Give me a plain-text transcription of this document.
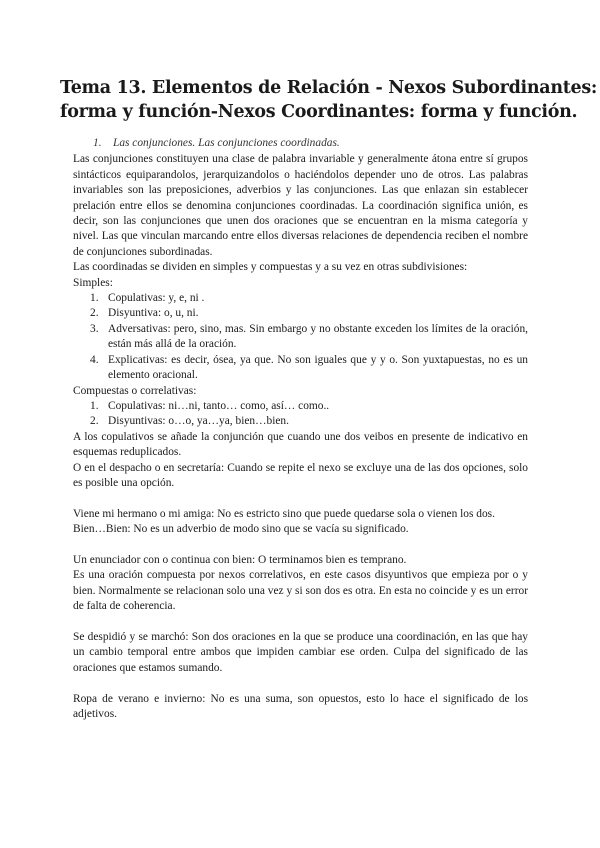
Tema 13. Elementos de Relación - Nexos Subordinantes:
forma y función-Nexos Coordinantes: forma y función.
1. Las conjunciones. Las conjunciones coordinadas.

Las conjunciones constituyen una clase de palabra invariable y generalmente átona entre sí grupos sintácticos equiparandolos, jerarquizandolos o haciéndolos depender uno de otros. Las palabras invariables son las preposiciones, adverbios y las conjunciones. Las que enlazan sin establecer prelación entre ellos se denomina conjunciones coordinadas. La coordinación significa unión, es decir, son las conjunciones que unen dos oraciones que se encuentran en la misma categoría y nivel. Las que vinculan marcando entre ellos diversas relaciones de dependencia reciben el nombre de conjunciones subordinadas.

Las coordinadas se dividen en simples y compuestas y a su vez en otras subdivisiones:

Simples:

1. Copulativas: y, e, ni .
2. Disyuntiva: o, u, ni.
3. Adversativas: pero, sino, mas. Sin embargo y no obstante exceden los límites de la oración, están más allá de la oración.
4. Explicativas: es decir, ósea, ya que. No son iguales que y y o. Son yuxtapuestas, no es un elemento oracional.

Compuestas o correlativas:

1. Copulativas: ni…ni, tanto… como, así… como..
2. Disyuntivas: o…o, ya…ya, bien…bien.

A los copulativos se añade la conjunción que cuando une dos veibos en presente de indicativo en esquemas reduplicados.

O en el despacho o en secretaría: Cuando se repite el nexo se excluye una de las dos opciones, solo es posible una opción.

Viene mi hermano o mi amiga: No es estricto sino que puede quedarse sola o vienen los dos.

Bien…Bien: No es un adverbio de modo sino que se vacía su significado.

Un enunciador con o continua con bien: O terminamos bien es temprano.

Es una oración compuesta por nexos correlativos, en este casos disyuntivos que empieza por o y bien. Normalmente se relacionan solo una vez y si son dos es otra. En esta no coincide y es un error de falta de coherencia.

Se despidió y se marchó: Son dos oraciones en la que se produce una coordinación, en las que hay un cambio temporal entre ambos que impiden cambiar ese orden. Culpa del significado de las oraciones que estamos sumando.

Ropa de verano e invierno: No es una suma, son opuestos, esto lo hace el significado de los adjetivos.
